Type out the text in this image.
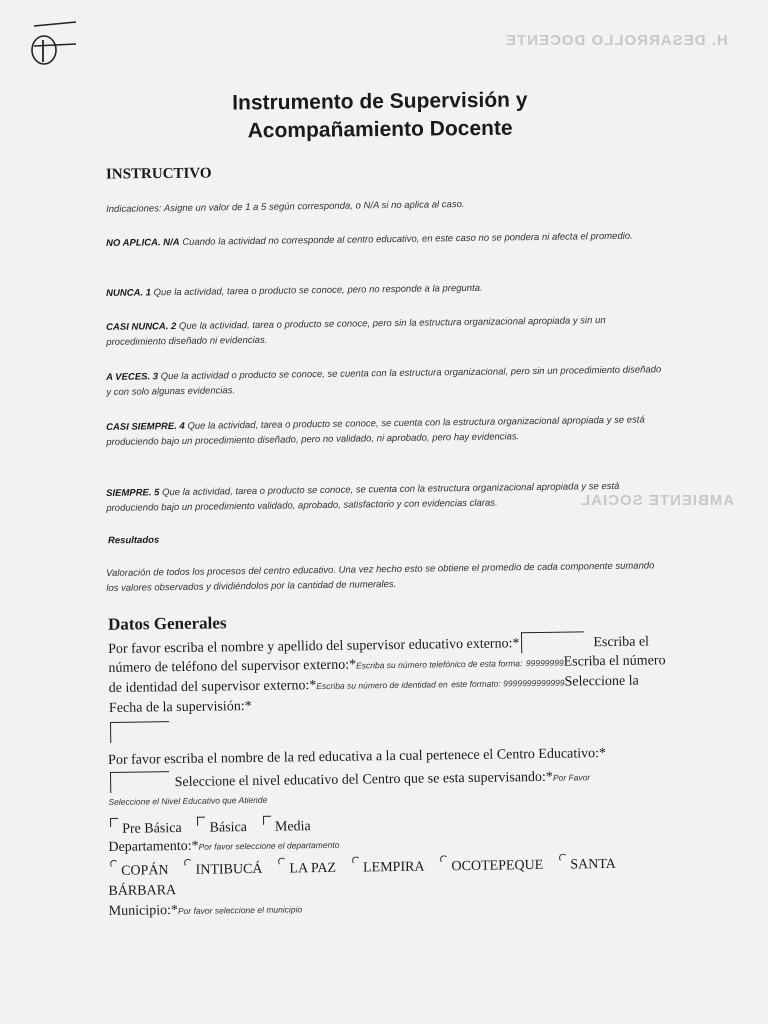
H. DESARROLLO DOCENTE
AMBIENTE SOCIAL
Instrumento de Supervisión y
Acompañamiento Docente
INSTRUCTIVO
Indicaciones: Asigne un valor de 1 a 5 según corresponda, o N/A si no aplica al caso.
NO APLICA. N/A Cuando la actividad no corresponde al centro educativo, en este caso no se pondera ni afecta el promedio.
NUNCA. 1 Que la actividad, tarea o producto se conoce, pero no responde a la pregunta.
CASI NUNCA. 2 Que la actividad, tarea o producto se conoce, pero sin la estructura organizacional apropiada y sin un procedimiento diseñado ni evidencias.
A VECES. 3 Que la actividad o producto se conoce, se cuenta con la estructura organizacional, pero sin un procedimiento diseñado y con solo algunas evidencias.
CASI SIEMPRE. 4 Que la actividad, tarea o producto se conoce, se cuenta con la estructura organizacional apropiada y se está produciendo bajo un procedimiento diseñado, pero no validado, ni aprobado, pero hay evidencias.
SIEMPRE. 5 Que la actividad, tarea o producto se conoce, se cuenta con la estructura organizacional apropiada y se está produciendo bajo un procedimiento validado, aprobado, satisfactorio y con evidencias claras.
Resultados
Valoración de todos los procesos del centro educativo. Una vez hecho esto se obtiene el promedio de cada componente sumando los valores observados y dividiéndolos por la cantidad de numerales.
Datos Generales
Por favor escriba el nombre y apellido del supervisor educativo externo:*	Escriba el número de teléfono del supervisor externo:*Escriba su número telefónico de esta forma: 99999999Escriba el número de identidad del supervisor externo:*Escriba su número de identidad en este formato: 9999999999999Seleccione la Fecha de la supervisión:*
Por favor escriba el nombre de la red educativa a la cual pertenece el Centro Educativo:*
Seleccione el nivel educativo del Centro que se esta supervisando:*Por Favor
Seleccione el Nivel Educativo que Atiende
Pre Básica Básica Media
Departamento:*Por favor seleccione el departamento
COPÁN INTIBUCÁ LA PAZ LEMPIRA OCOTEPEQUE SANTA BÁRBARA
Municipio:*Por favor seleccione el municipio
